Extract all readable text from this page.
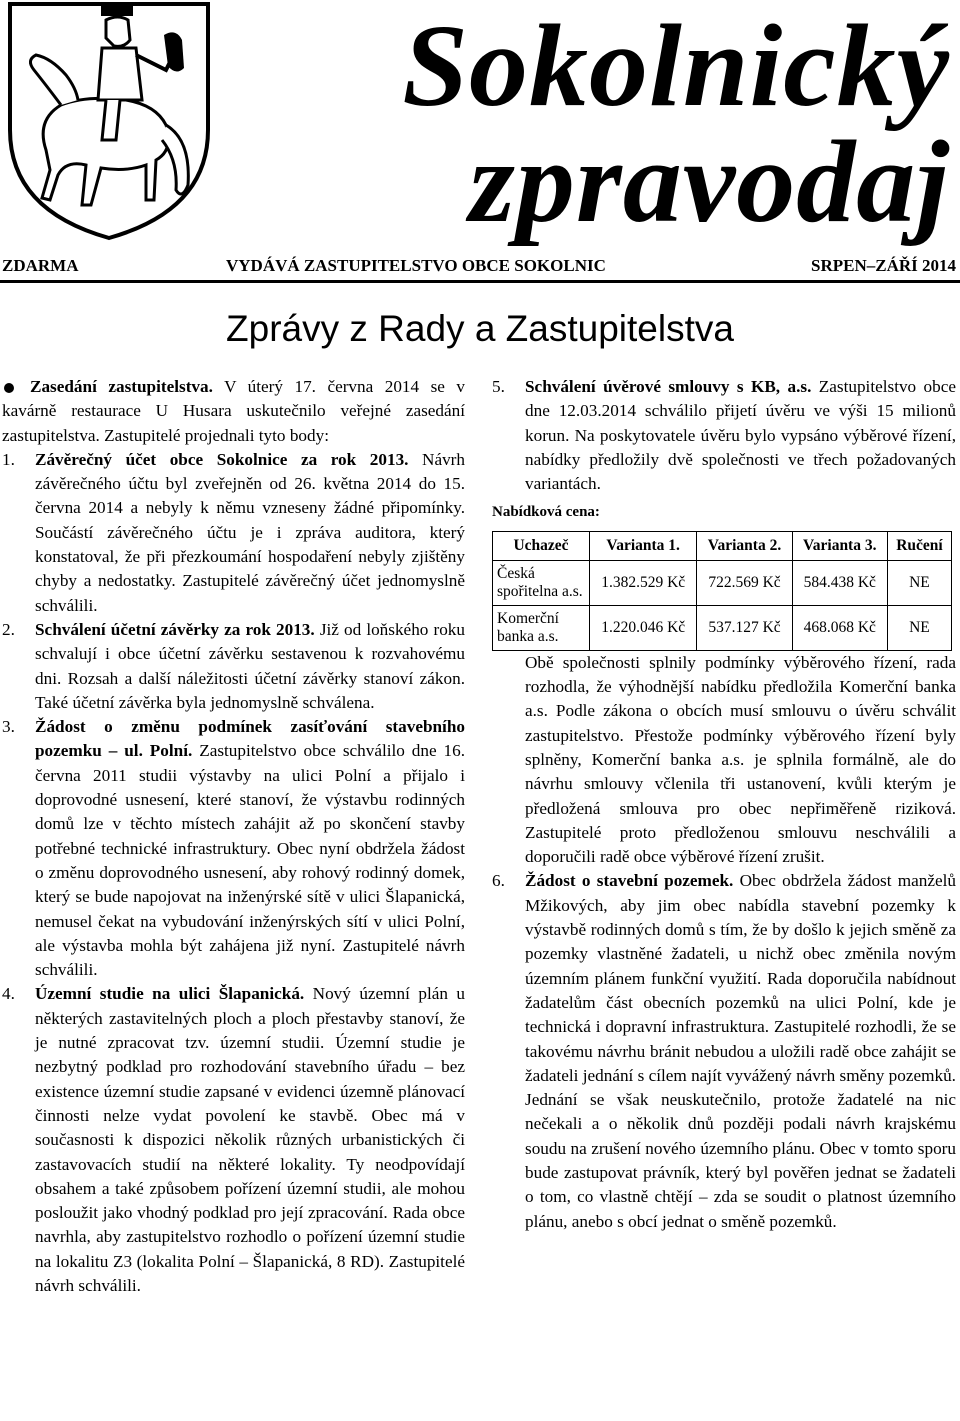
Sokolnický
zpravodaj
ZDARMA	VYDÁVÁ ZASTUPITELSTVO OBCE SOKOLNIC	SRPEN–ZÁŘÍ 2014
Zprávy z Rady a Zastupitelstva

Zasedání zastupitelstva. V úterý 17. června 2014 se v kavárně restaurace U Husara uskutečnilo veřejné zasedání zastupitelstva. Zastupitelé projednali tyto body:

1. Závěrečný účet obce Sokolnice za rok 2013. Návrh závěrečného účtu byl zveřejněn od 26. května 2014 do 15. června 2014 a nebyly k němu vzneseny žádné připomínky. Součástí závěrečného účtu je i zpráva auditora, který konstatoval, že při přezkoumání hospodaření nebyly zjištěny chyby a nedostatky. Zastupitelé závěrečný účet jednomyslně schválili.

2. Schválení účetní závěrky za rok 2013. Již od loňského roku schvalují i obce účetní závěrku sestavenou k rozvahovému dni. Rozsah a další náležitosti účetní závěrky stanoví zákon. Také účetní závěrka byla jednomyslně schválena.

3. Žádost o změnu podmínek zasíťování stavebního pozemku – ul. Polní. Zastupitelstvo obce schválilo dne 16. června 2011 studii výstavby na ulici Polní a přijalo i doprovodné usnesení, které stanoví, že výstavbu rodinných domů lze v těchto místech zahájit až po skončení stavby potřebné technické infrastruktury. Obec nyní obdržela žádost o změnu doprovodného usnesení, aby rohový rodinný domek, který se bude napojovat na inženýrské sítě v ulici Šlapanická, nemusel čekat na vybudování inženýrských sítí v ulici Polní, ale výstavba mohla být zahájena již nyní. Zastupitelé návrh schválili.

4. Územní studie na ulici Šlapanická. Nový územní plán u některých zastavitelných ploch a ploch přestavby stanoví, že je nutné zpracovat tzv. územní studii. Územní studie je nezbytný podklad pro rozhodování stavebního úřadu – bez existence územní studie zapsané v evidenci územně plánovací činnosti nelze vydat povolení ke stavbě. Obec má v současnosti k dispozici několik různých urbanistických či zastavovacích studií na některé lokality. Ty neodpovídají obsahem a také způsobem pořízení územní studii, ale mohou posloužit jako vhodný podklad pro její zpracování. Rada obce navrhla, aby zastupitelstvo rozhodlo o pořízení územní studie na lokalitu Z3 (lokalita Polní – Šlapanická, 8 RD). Zastupitelé návrh schválili.

5. Schválení úvěrové smlouvy s KB, a.s. Zastupitelstvo obce dne 12.03.2014 schválilo přijetí úvěru ve výši 15 milionů korun. Na poskytovatele úvěru bylo vypsáno výběrové řízení, nabídky předložily dvě společnosti ve třech požadovaných variantách.

Nabídková cena:
Uchazeč	Varianta 1.	Varianta 2.	Varianta 3.	Ručení
Česká spořitelna a.s.	1.382.529 Kč	722.569 Kč	584.438 Kč	NE
Komerční banka a.s.	1.220.046 Kč	537.127 Kč	468.068 Kč	NE

Obě společnosti splnily podmínky výběrového řízení, rada rozhodla, že výhodnější nabídku předložila Komerční banka a.s. Podle zákona o obcích musí smlouvu o úvěru schválit zastupitelstvo. Přestože podmínky výběrového řízení byly splněny, Komerční banka a.s. je splnila formálně, ale do návrhu smlouvy včlenila tři ustanovení, kvůli kterým je předložená smlouva pro obec nepřiměřeně riziková. Zastupitelé proto předloženou smlouvu neschválili a doporučili radě obce výběrové řízení zrušit.

6. Žádost o stavební pozemek. Obec obdržela žádost manželů Mžikových, aby jim obec nabídla stavební pozemky k výstavbě rodinných domů s tím, že by došlo k jejich směně za pozemky vlastněné žadateli, u nichž obec změnila novým územním plánem funkční využití. Rada doporučila nabídnout žadatelům část obecních pozemků na ulici Polní, kde je technická i dopravní infrastruktura. Zastupitelé rozhodli, že se takovému návrhu bránit nebudou a uložili radě obce zahájit se žadateli jednání s cílem najít vyvážený návrh směny pozemků.

Jednání se však neuskutečnilo, protože žadatelé na nic nečekali a o několik dnů později podali návrh krajskému soudu na zrušení nového územního plánu. Obec v tomto sporu bude zastupovat právník, který byl pověřen jednat se žadateli o tom, co vlastně chtějí – zda se soudit o platnost územního plánu, anebo s obcí jednat o směně pozemků.
